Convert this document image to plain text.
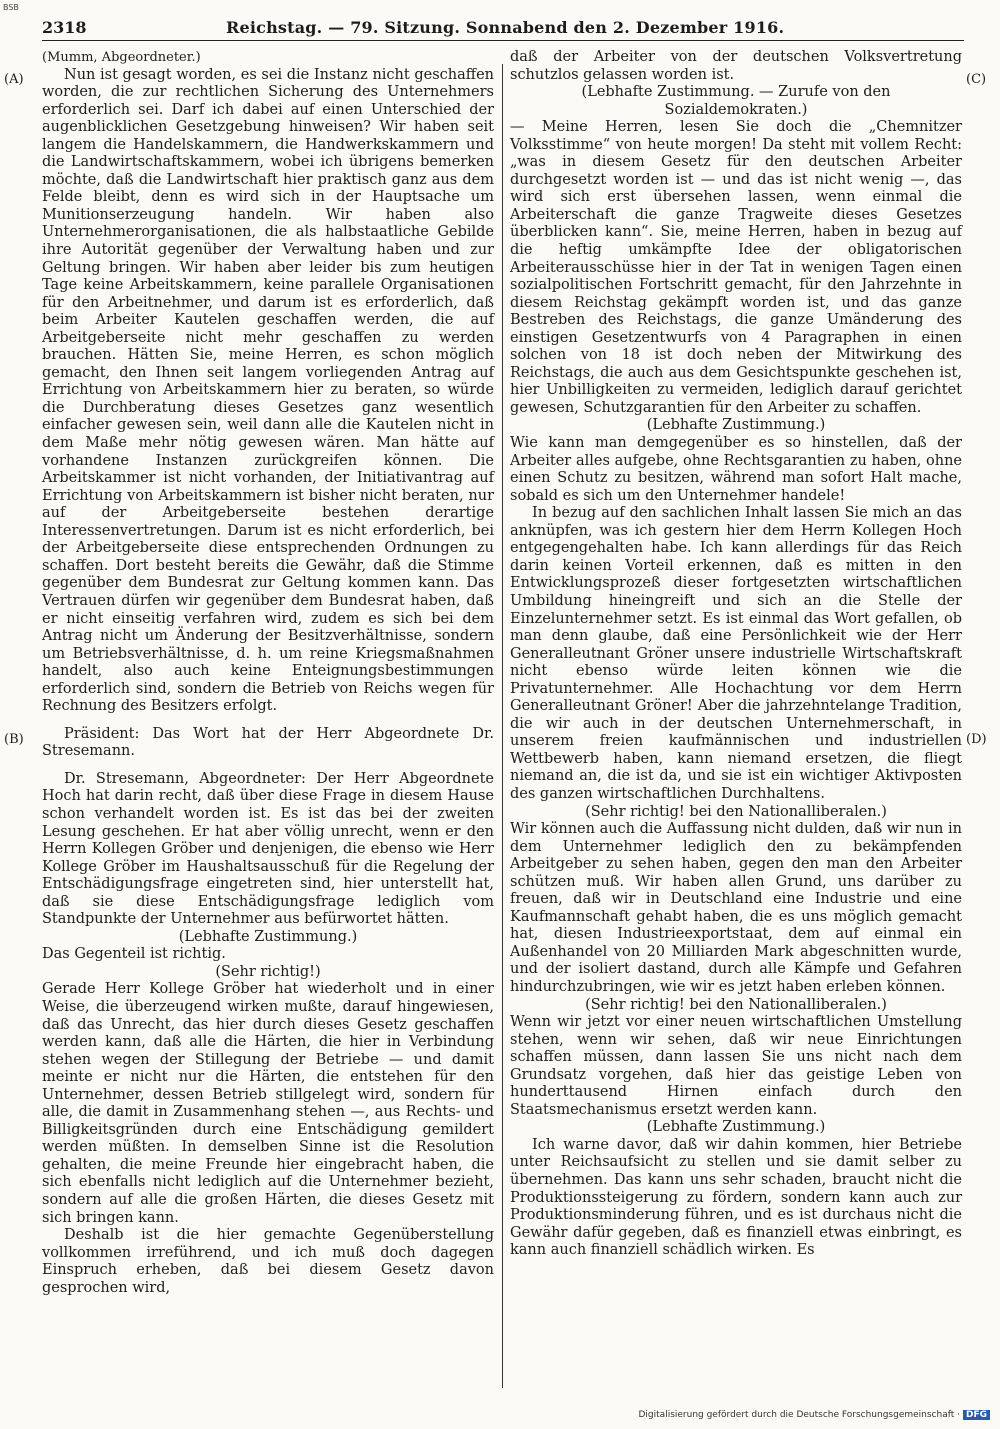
BSB
2318	Reichstag. — 79. Sitzung. Sonnabend den 2. Dezember 1916.
(A)
(B)
(C)
(D)

(Mumm, Abgeordneter.)

Nun ist gesagt worden, es sei die Instanz nicht geschaffen worden, die zur rechtlichen Sicherung des Unternehmers erforderlich sei. Darf ich dabei auf einen Unterschied der augenblicklichen Gesetzgebung hinweisen? Wir haben seit langem die Handelskammern, die Handwerkskammern und die Landwirtschaftskammern, wobei ich übrigens bemerken möchte, daß die Landwirtschaft hier praktisch ganz aus dem Felde bleibt, denn es wird sich in der Hauptsache um Munitionserzeugung handeln. Wir haben also Unternehmerorganisationen, die als halbstaatliche Gebilde ihre Autorität gegenüber der Verwaltung haben und zur Geltung bringen. Wir haben aber leider bis zum heutigen Tage keine Arbeitskammern, keine parallele Organisationen für den Arbeitnehmer, und darum ist es erforderlich, daß beim Arbeiter Kautelen geschaffen werden, die auf Arbeitgeberseite nicht mehr geschaffen zu werden brauchen. Hätten Sie, meine Herren, es schon möglich gemacht, den Ihnen seit langem vorliegenden Antrag auf Errichtung von Arbeitskammern hier zu beraten, so würde die Durchberatung dieses Gesetzes ganz wesentlich einfacher gewesen sein, weil dann alle die Kautelen nicht in dem Maße mehr nötig gewesen wären. Man hätte auf vorhandene Instanzen zurückgreifen können. Die Arbeitskammer ist nicht vorhanden, der Initiativantrag auf Errichtung von Arbeitskammern ist bisher nicht beraten, nur auf der Arbeitgeberseite bestehen derartige Interessenvertretungen. Darum ist es nicht erforderlich, bei der Arbeitgeberseite diese entsprechenden Ordnungen zu schaffen. Dort besteht bereits die Gewähr, daß die Stimme gegenüber dem Bundesrat zur Geltung kommen kann. Das Vertrauen dürfen wir gegenüber dem Bundesrat haben, daß er nicht einseitig verfahren wird, zudem es sich bei dem Antrag nicht um Änderung der Besitzverhältnisse, sondern um Betriebsverhältnisse, d. h. um reine Kriegsmaßnahmen handelt, also auch keine Enteignungsbestimmungen erforderlich sind, sondern die Betrieb von Reichs wegen für Rechnung des Besitzers erfolgt.

Präsident: Das Wort hat der Herr Abgeordnete Dr. Stresemann.

Dr. Stresemann, Abgeordneter: Der Herr Abgeordnete Hoch hat darin recht, daß über diese Frage in diesem Hause schon verhandelt worden ist. Es ist das bei der zweiten Lesung geschehen. Er hat aber völlig unrecht, wenn er den Herrn Kollegen Gröber und denjenigen, die ebenso wie Herr Kollege Gröber im Haushaltsausschuß für die Regelung der Entschädigungsfrage eingetreten sind, hier unterstellt hat, daß sie diese Entschädigungsfrage lediglich vom Standpunkte der Unternehmer aus befürwortet hätten.

(Lebhafte Zustimmung.)

Das Gegenteil ist richtig.

(Sehr richtig!)

Gerade Herr Kollege Gröber hat wiederholt und in einer Weise, die überzeugend wirken mußte, darauf hingewiesen, daß das Unrecht, das hier durch dieses Gesetz geschaffen werden kann, daß alle die Härten, die hier in Verbindung stehen wegen der Stillegung der Betriebe — und damit meinte er nicht nur die Härten, die entstehen für den Unternehmer, dessen Betrieb stillgelegt wird, sondern für alle, die damit in Zusammenhang stehen —, aus Rechts- und Billigkeitsgründen durch eine Entschädigung gemildert werden müßten. In demselben Sinne ist die Resolution gehalten, die meine Freunde hier eingebracht haben, die sich ebenfalls nicht lediglich auf die Unternehmer bezieht, sondern auf alle die großen Härten, die dieses Gesetz mit sich bringen kann.

Deshalb ist die hier gemachte Gegenüberstellung vollkommen irreführend, und ich muß doch dagegen Einspruch erheben, daß bei diesem Gesetz davon gesprochen wird,

daß der Arbeiter von der deutschen Volksvertretung schutzlos gelassen worden ist.

(Lebhafte Zustimmung. — Zurufe von den Sozialdemokraten.)

— Meine Herren, lesen Sie doch die „Chemnitzer Volksstimme“ von heute morgen! Da steht mit vollem Recht: „was in diesem Gesetz für den deutschen Arbeiter durchgesetzt worden ist — und das ist nicht wenig —, das wird sich erst übersehen lassen, wenn einmal die Arbeiterschaft die ganze Tragweite dieses Gesetzes überblicken kann“. Sie, meine Herren, haben in bezug auf die heftig umkämpfte Idee der obligatorischen Arbeiterausschüsse hier in der Tat in wenigen Tagen einen sozialpolitischen Fortschritt gemacht, für den Jahrzehnte in diesem Reichstag gekämpft worden ist, und das ganze Bestreben des Reichstags, die ganze Umänderung des einstigen Gesetzentwurfs von 4 Paragraphen in einen solchen von 18 ist doch neben der Mitwirkung des Reichstags, die auch aus dem Gesichtspunkte geschehen ist, hier Unbilligkeiten zu vermeiden, lediglich darauf gerichtet gewesen, Schutzgarantien für den Arbeiter zu schaffen.

(Lebhafte Zustimmung.)

Wie kann man demgegenüber es so hinstellen, daß der Arbeiter alles aufgebe, ohne Rechtsgarantien zu haben, ohne einen Schutz zu besitzen, während man sofort Halt mache, sobald es sich um den Unternehmer handele!

In bezug auf den sachlichen Inhalt lassen Sie mich an das anknüpfen, was ich gestern hier dem Herrn Kollegen Hoch entgegengehalten habe. Ich kann allerdings für das Reich darin keinen Vorteil erkennen, daß es mitten in den Entwicklungsprozeß dieser fortgesetzten wirtschaftlichen Umbildung hineingreift und sich an die Stelle der Einzelunternehmer setzt. Es ist einmal das Wort gefallen, ob man denn glaube, daß eine Persönlichkeit wie der Herr Generalleutnant Gröner unsere industrielle Wirtschaftskraft nicht ebenso würde leiten können wie die Privatunternehmer. Alle Hochachtung vor dem Herrn Generalleutnant Gröner! Aber die jahrzehntelange Tradition, die wir auch in der deutschen Unternehmerschaft, in unserem freien kaufmännischen und industriellen Wettbewerb haben, kann niemand ersetzen, die fliegt niemand an, die ist da, und sie ist ein wichtiger Aktivposten des ganzen wirtschaftlichen Durchhaltens.

(Sehr richtig! bei den Nationalliberalen.)

Wir können auch die Auffassung nicht dulden, daß wir nun in dem Unternehmer lediglich den zu bekämpfenden Arbeitgeber zu sehen haben, gegen den man den Arbeiter schützen muß. Wir haben allen Grund, uns darüber zu freuen, daß wir in Deutschland eine Industrie und eine Kaufmannschaft gehabt haben, die es uns möglich gemacht hat, diesen Industrieexportstaat, dem auf einmal ein Außenhandel von 20 Milliarden Mark abgeschnitten wurde, und der isoliert dastand, durch alle Kämpfe und Gefahren hindurchzubringen, wie wir es jetzt haben erleben können.

(Sehr richtig! bei den Nationalliberalen.)

Wenn wir jetzt vor einer neuen wirtschaftlichen Umstellung stehen, wenn wir sehen, daß wir neue Einrichtungen schaffen müssen, dann lassen Sie uns nicht nach dem Grundsatz vorgehen, daß hier das geistige Leben von hunderttausend Hirnen einfach durch den Staatsmechanismus ersetzt werden kann.

(Lebhafte Zustimmung.)

Ich warne davor, daß wir dahin kommen, hier Betriebe unter Reichsaufsicht zu stellen und sie damit selber zu übernehmen. Das kann uns sehr schaden, braucht nicht die Produktionssteigerung zu fördern, sondern kann auch zur Produktionsminderung führen, und es ist durchaus nicht die Gewähr dafür gegeben, daß es finanziell etwas einbringt, es kann auch finanziell schädlich wirken. Es

Digitalisierung gefördert durch die Deutsche Forschungsgemeinschaft · DFG
